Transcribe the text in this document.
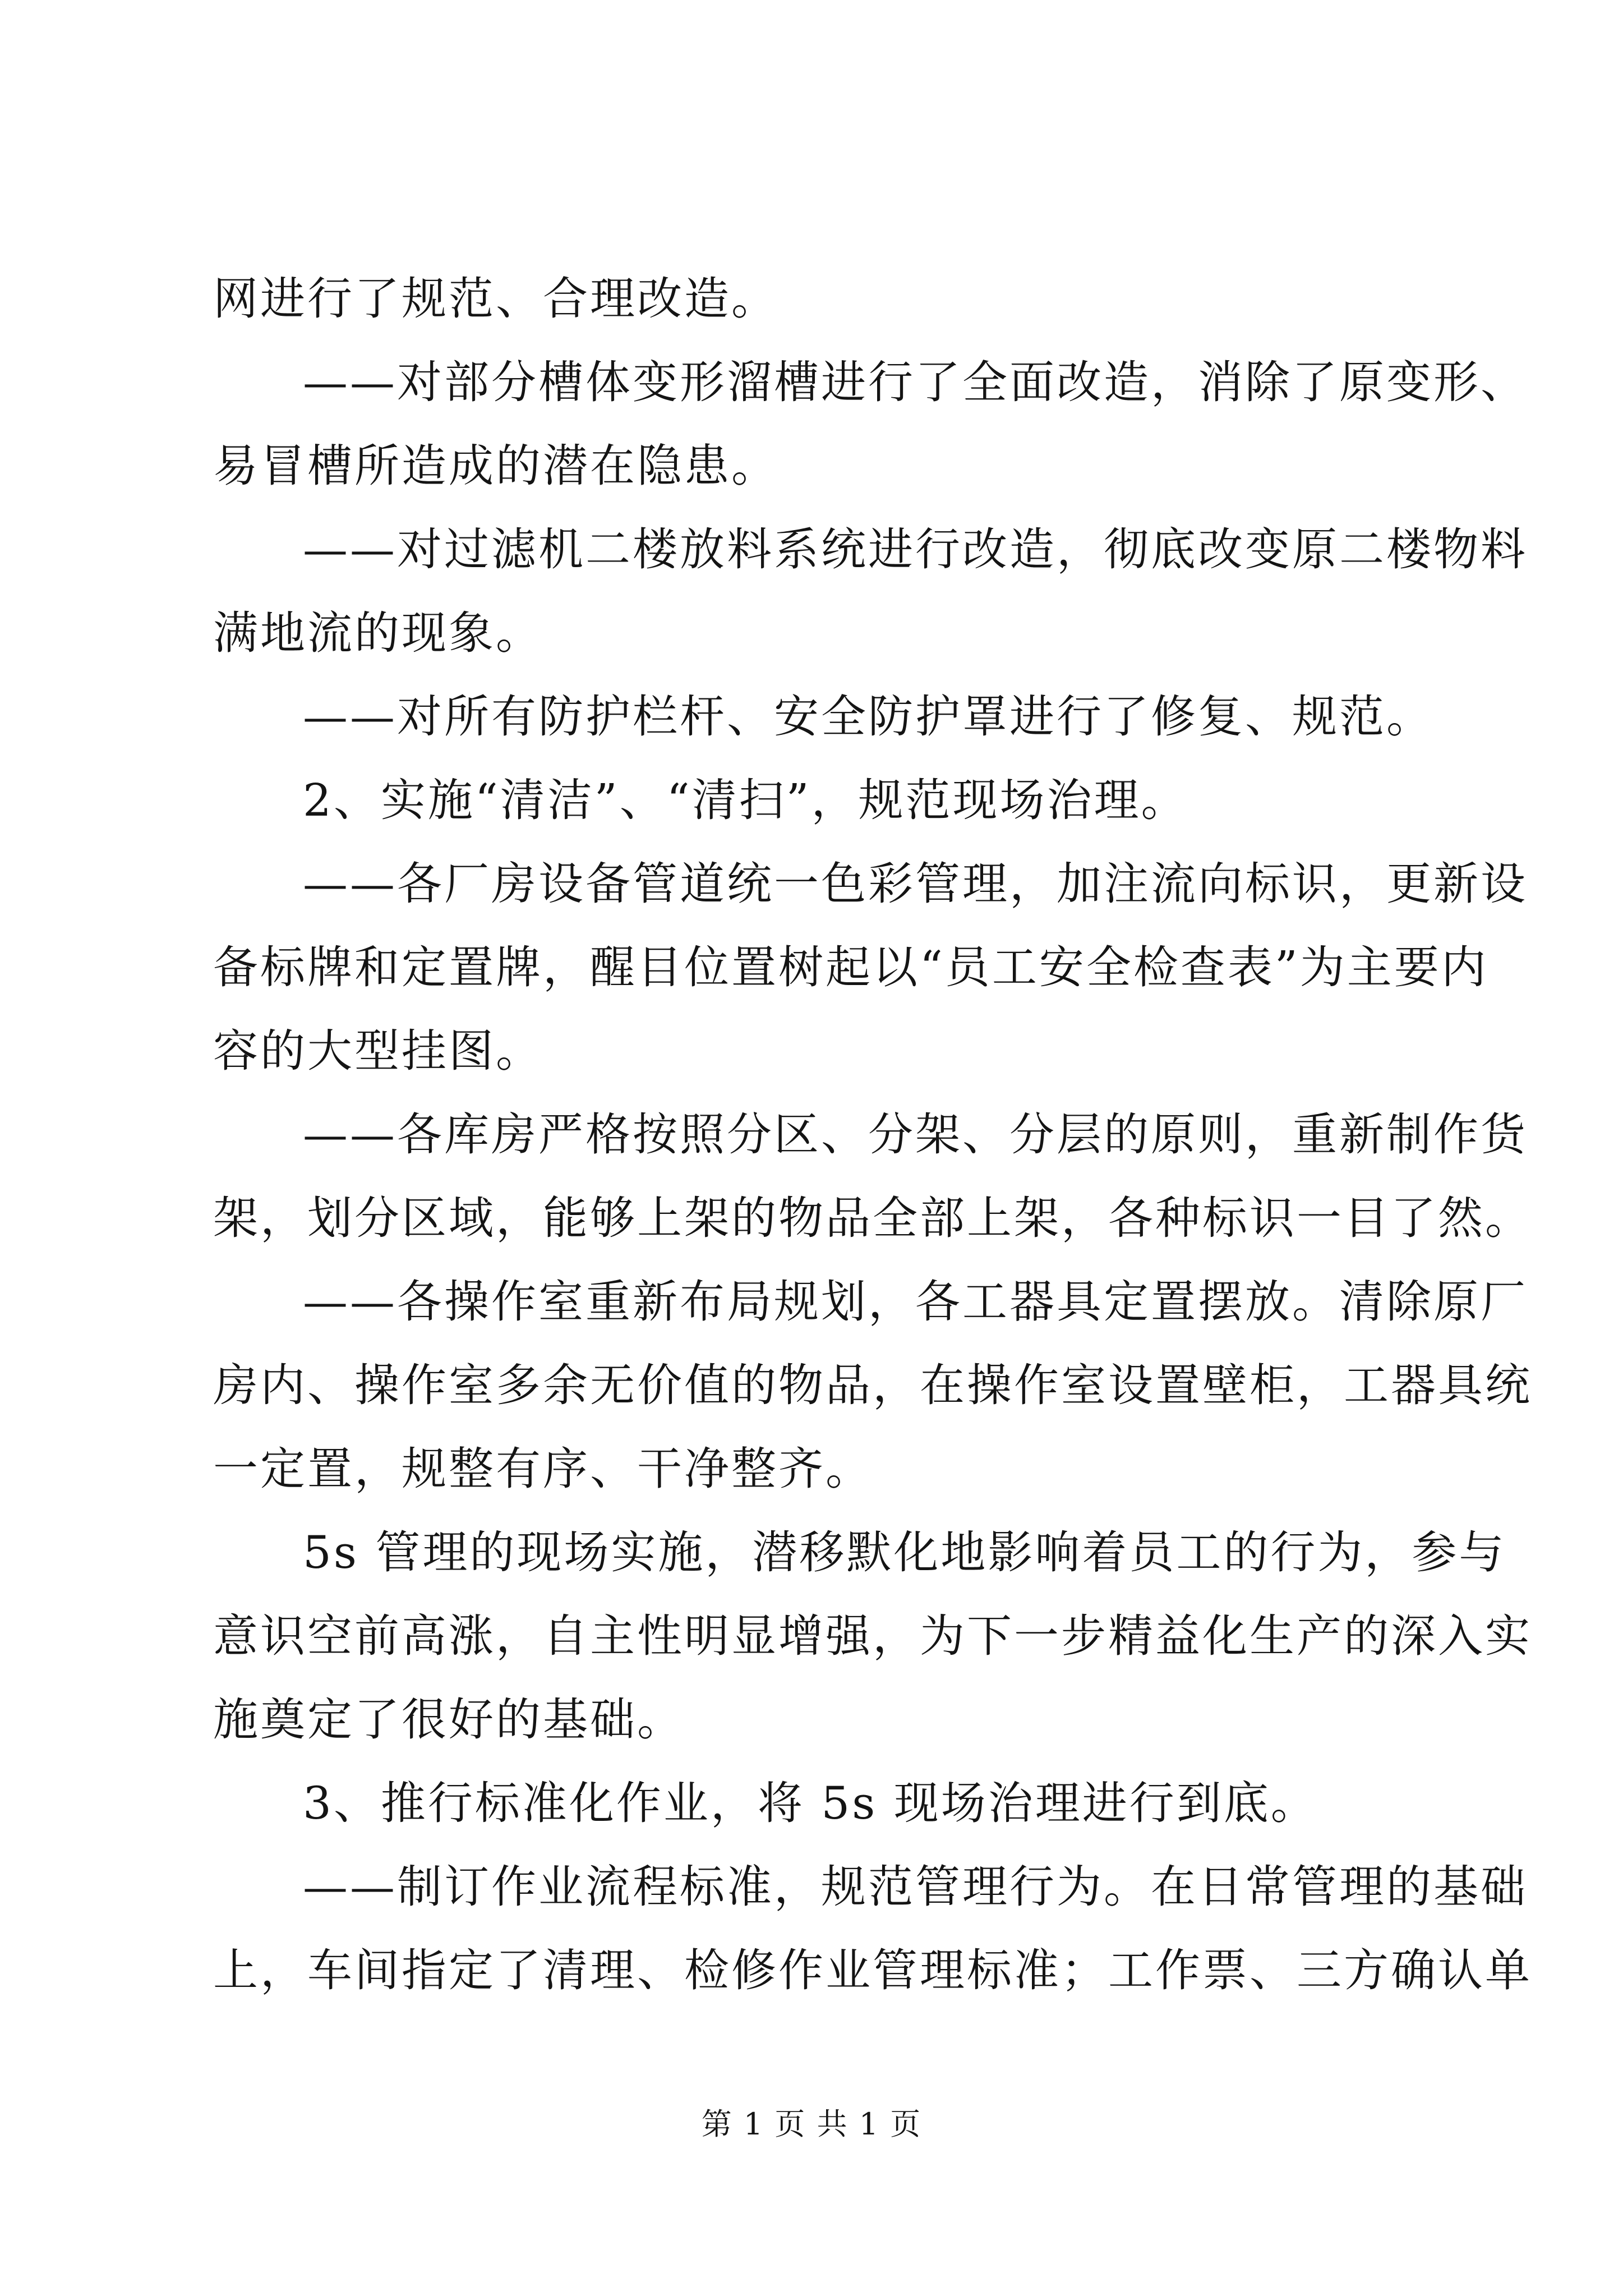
网进行了规范、合理改造。

——对部分槽体变形溜槽进行了全面改造，消除了原变形、

易冒槽所造成的潜在隐患。

——对过滤机二楼放料系统进行改造，彻底改变原二楼物料

满地流的现象。

——对所有防护栏杆、安全防护罩进行了修复、规范。

2、实施“清洁”、“清扫”，规范现场治理。

——各厂房设备管道统一色彩管理，加注流向标识，更新设

备标牌和定置牌，醒目位置树起以“员工安全检查表”为主要内

容的大型挂图。

——各库房严格按照分区、分架、分层的原则，重新制作货

架，划分区域，能够上架的物品全部上架，各种标识一目了然。

——各操作室重新布局规划，各工器具定置摆放。清除原厂

房内、操作室多余无价值的物品，在操作室设置壁柜，工器具统

一定置，规整有序、干净整齐。

5s 管理的现场实施，潜移默化地影响着员工的行为，参与

意识空前高涨，自主性明显增强，为下一步精益化生产的深入实

施奠定了很好的基础。

3、推行标准化作业，将 5s 现场治理进行到底。

——制订作业流程标准，规范管理行为。在日常管理的基础

上，车间指定了清理、检修作业管理标准；工作票、三方确认单

第 1 页 共 1 页
